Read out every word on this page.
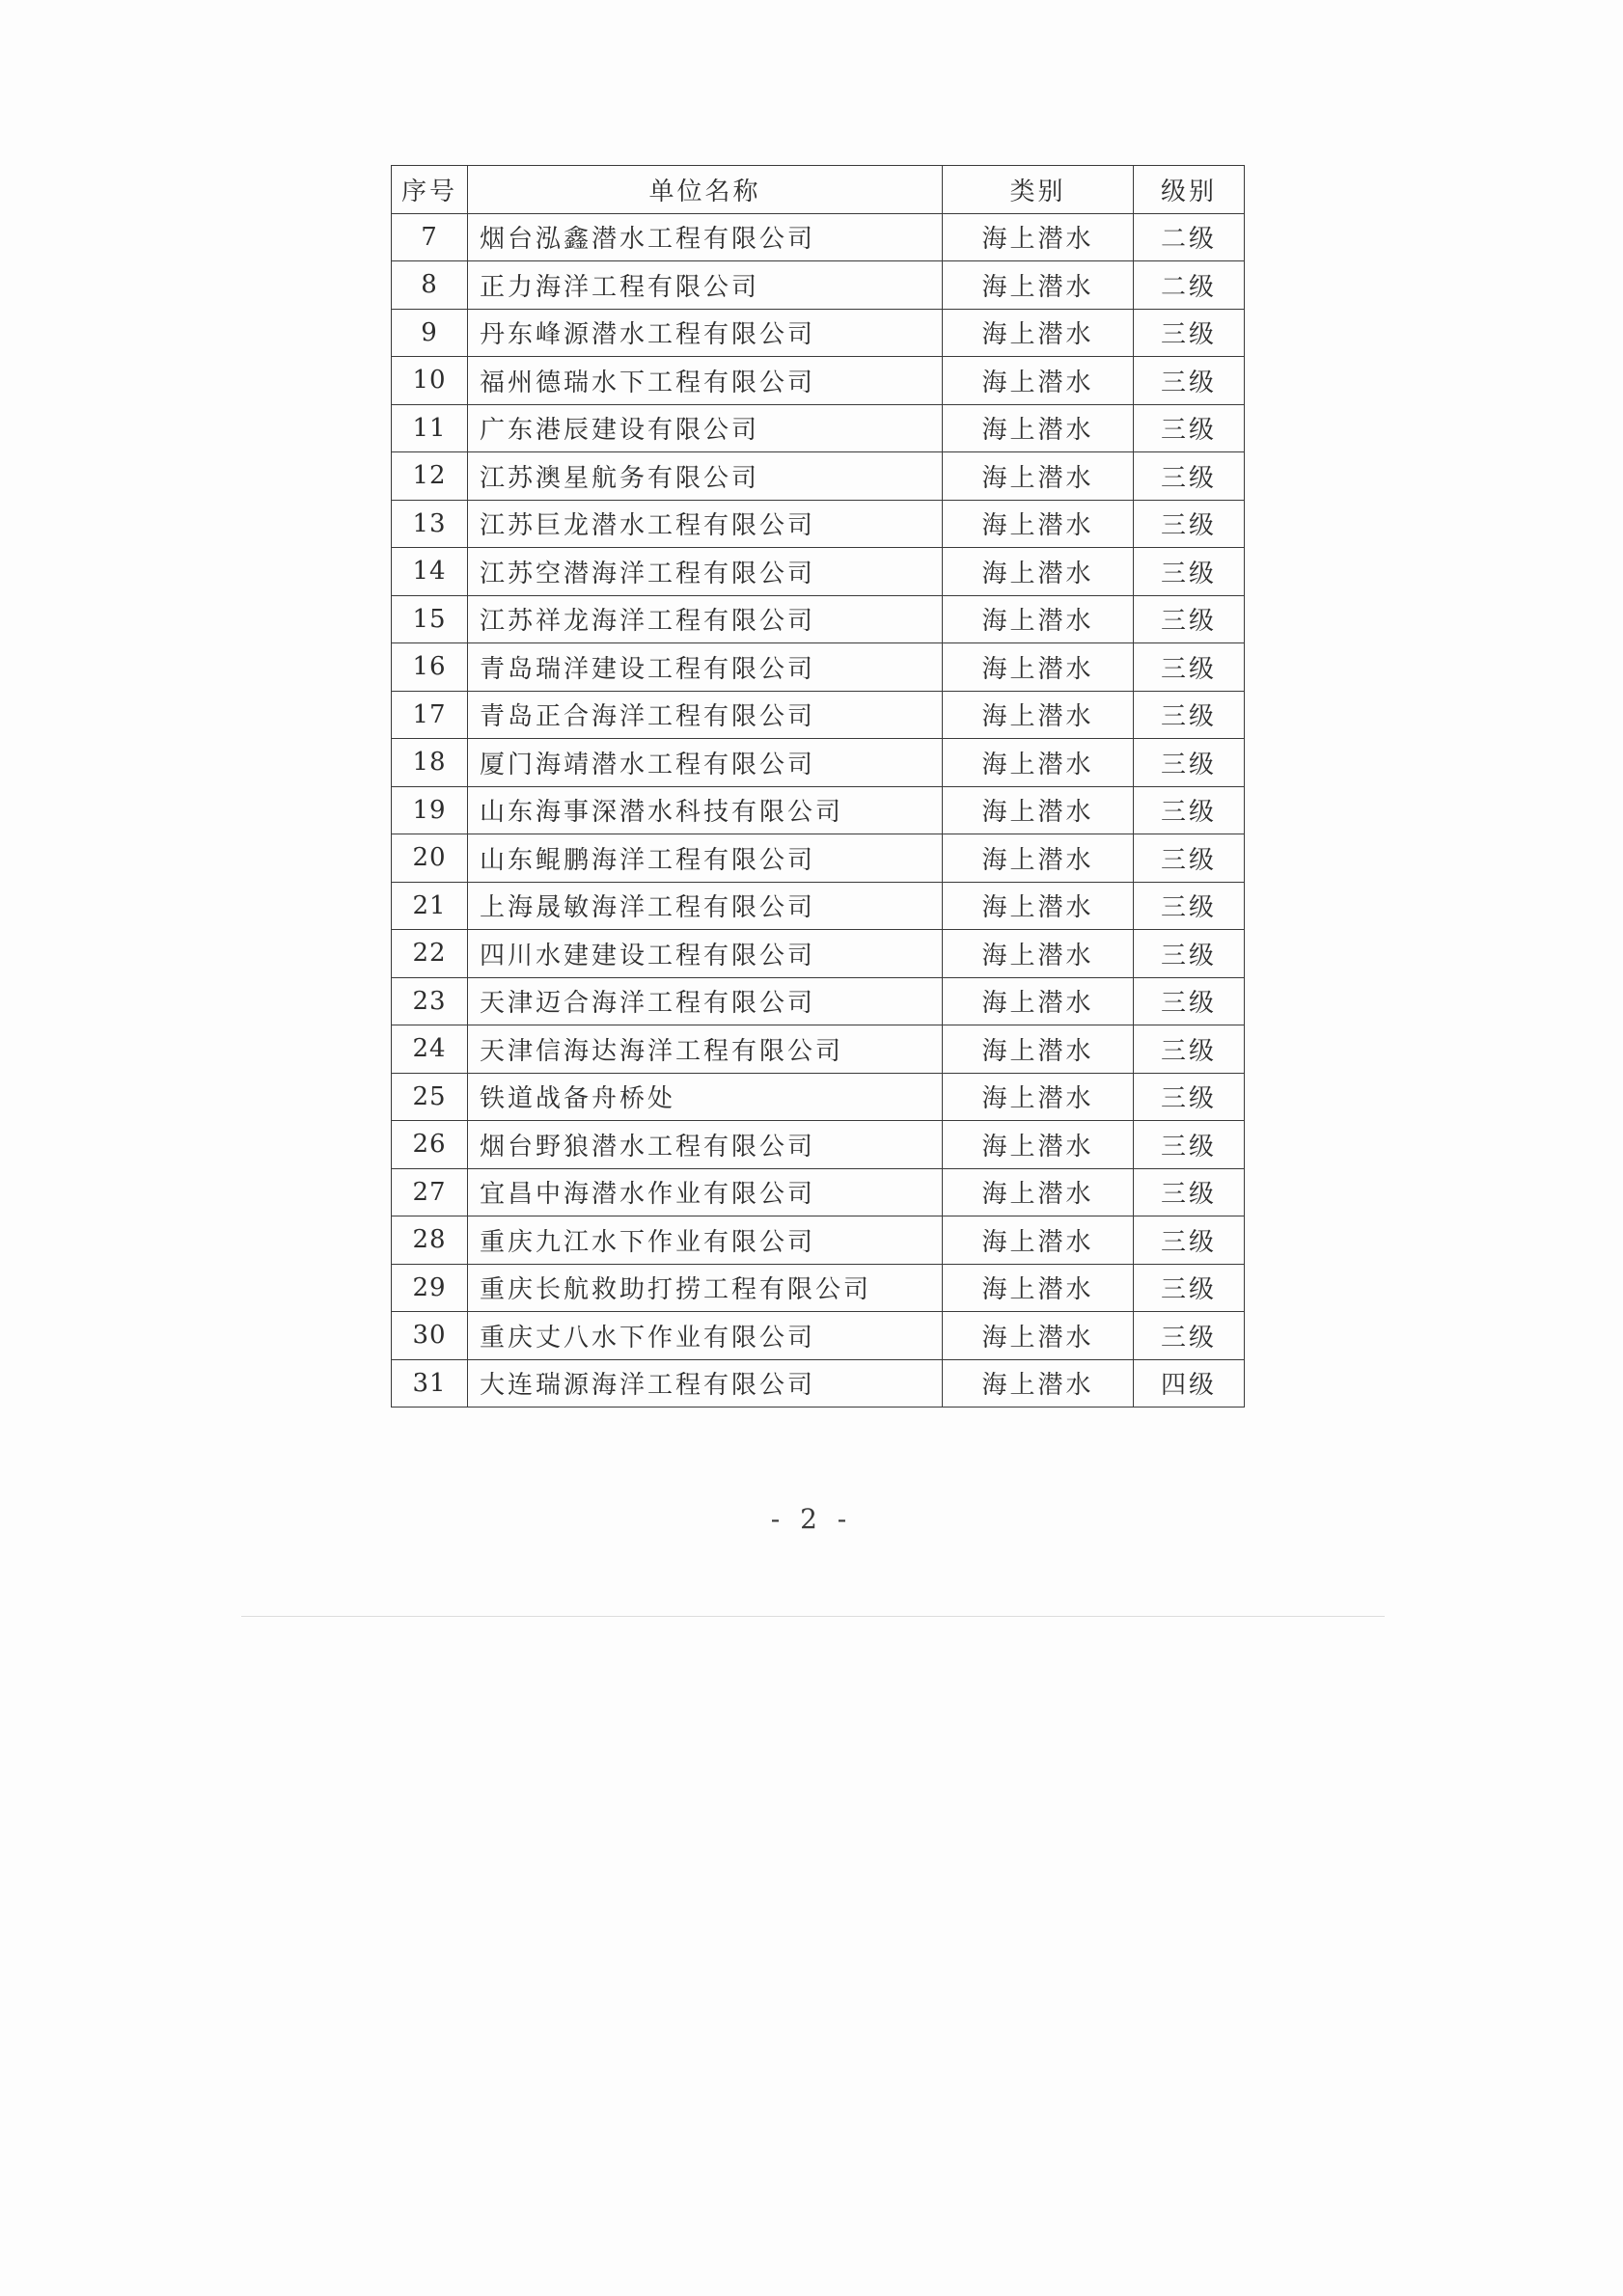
序号	单位名称	类别	级别
7	烟台泓鑫潜水工程有限公司	海上潜水	二级
8	正力海洋工程有限公司	海上潜水	二级
9	丹东峰源潜水工程有限公司	海上潜水	三级
10	福州德瑞水下工程有限公司	海上潜水	三级
11	广东港辰建设有限公司	海上潜水	三级
12	江苏澳星航务有限公司	海上潜水	三级
13	江苏巨龙潜水工程有限公司	海上潜水	三级
14	江苏空潜海洋工程有限公司	海上潜水	三级
15	江苏祥龙海洋工程有限公司	海上潜水	三级
16	青岛瑞洋建设工程有限公司	海上潜水	三级
17	青岛正合海洋工程有限公司	海上潜水	三级
18	厦门海靖潜水工程有限公司	海上潜水	三级
19	山东海事深潜水科技有限公司	海上潜水	三级
20	山东鲲鹏海洋工程有限公司	海上潜水	三级
21	上海晟敏海洋工程有限公司	海上潜水	三级
22	四川水建建设工程有限公司	海上潜水	三级
23	天津迈合海洋工程有限公司	海上潜水	三级
24	天津信海达海洋工程有限公司	海上潜水	三级
25	铁道战备舟桥处	海上潜水	三级
26	烟台野狼潜水工程有限公司	海上潜水	三级
27	宜昌中海潜水作业有限公司	海上潜水	三级
28	重庆九江水下作业有限公司	海上潜水	三级
29	重庆长航救助打捞工程有限公司	海上潜水	三级
30	重庆丈八水下作业有限公司	海上潜水	三级
31	大连瑞源海洋工程有限公司	海上潜水	四级
- 2 -
